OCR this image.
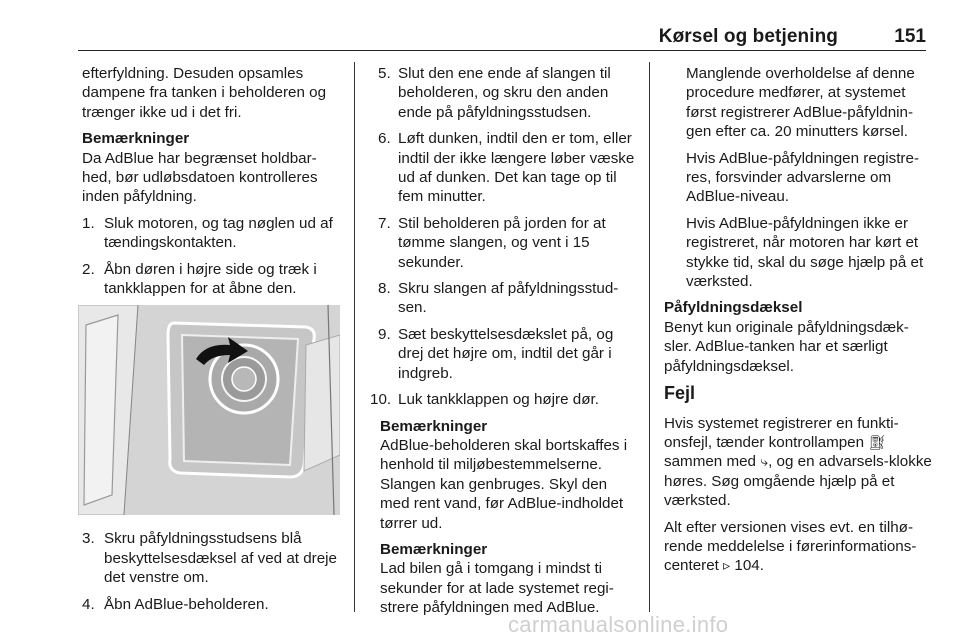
Kørsel og betjening	151

efterfyldning. Desuden opsamles dampene fra tanken i beholderen og trænger ikke ud i det fri.

Bemærkninger
Da AdBlue har begrænset holdbar-hed, bør udløbsdatoen kontrolleres inden påfyldning.

1. Sluk motoren, og tag nøglen ud af tændingskontakten.
2. Åbn døren i højre side og træk i tankklappen for at åbne den.
3. Skru påfyldningsstudsens blå beskyttelsesdæksel af ved at dreje det venstre om.
4. Åbn AdBlue-beholderen.
5. Slut den ene ende af slangen til beholderen, og skru den anden ende på påfyldningsstudsen.
6. Løft dunken, indtil den er tom, eller indtil der ikke længere løber væske ud af dunken. Det kan tage op til fem minutter.
7. Stil beholderen på jorden for at tømme slangen, og vent i 15 sekunder.
8. Skru slangen af påfyldningsstud-sen.
9. Sæt beskyttelsesdækslet på, og drej det højre om, indtil det går i indgreb.
10. Luk tankklappen og højre dør.

Bemærkninger
AdBlue-beholderen skal bortskaffes i henhold til miljøbestemmelserne. Slangen kan genbruges. Skyl den med rent vand, før AdBlue-indholdet tørrer ud.

Bemærkninger
Lad bilen gå i tomgang i mindst ti sekunder for at lade systemet regi-strere påfyldningen med AdBlue.

Manglende overholdelse af denne procedure medfører, at systemet først registrerer AdBlue-påfyldnin-gen efter ca. 20 minutters kørsel.

Hvis AdBlue-påfyldningen registre-res, forsvinder advarslerne om AdBlue-niveau.

Hvis AdBlue-påfyldningen ikke er registreret, når motoren har kørt et stykke tid, skal du søge hjælp på et værksted.

Påfyldningsdæksel
Benyt kun originale påfyldningsdæk-sler. AdBlue-tanken har et særligt påfyldningsdæksel.

Fejl

Hvis systemet registrerer en funkti-onsfejl, tænder kontrollampen ⛽︎ sammen med ⤷, og en advarsels-klokke høres. Søg omgående hjælp på et værksted.

Alt efter versionen vises evt. en tilhø-rende meddelelse i førerinformations-centeret ▹ 104.

carmanualsonline.info
